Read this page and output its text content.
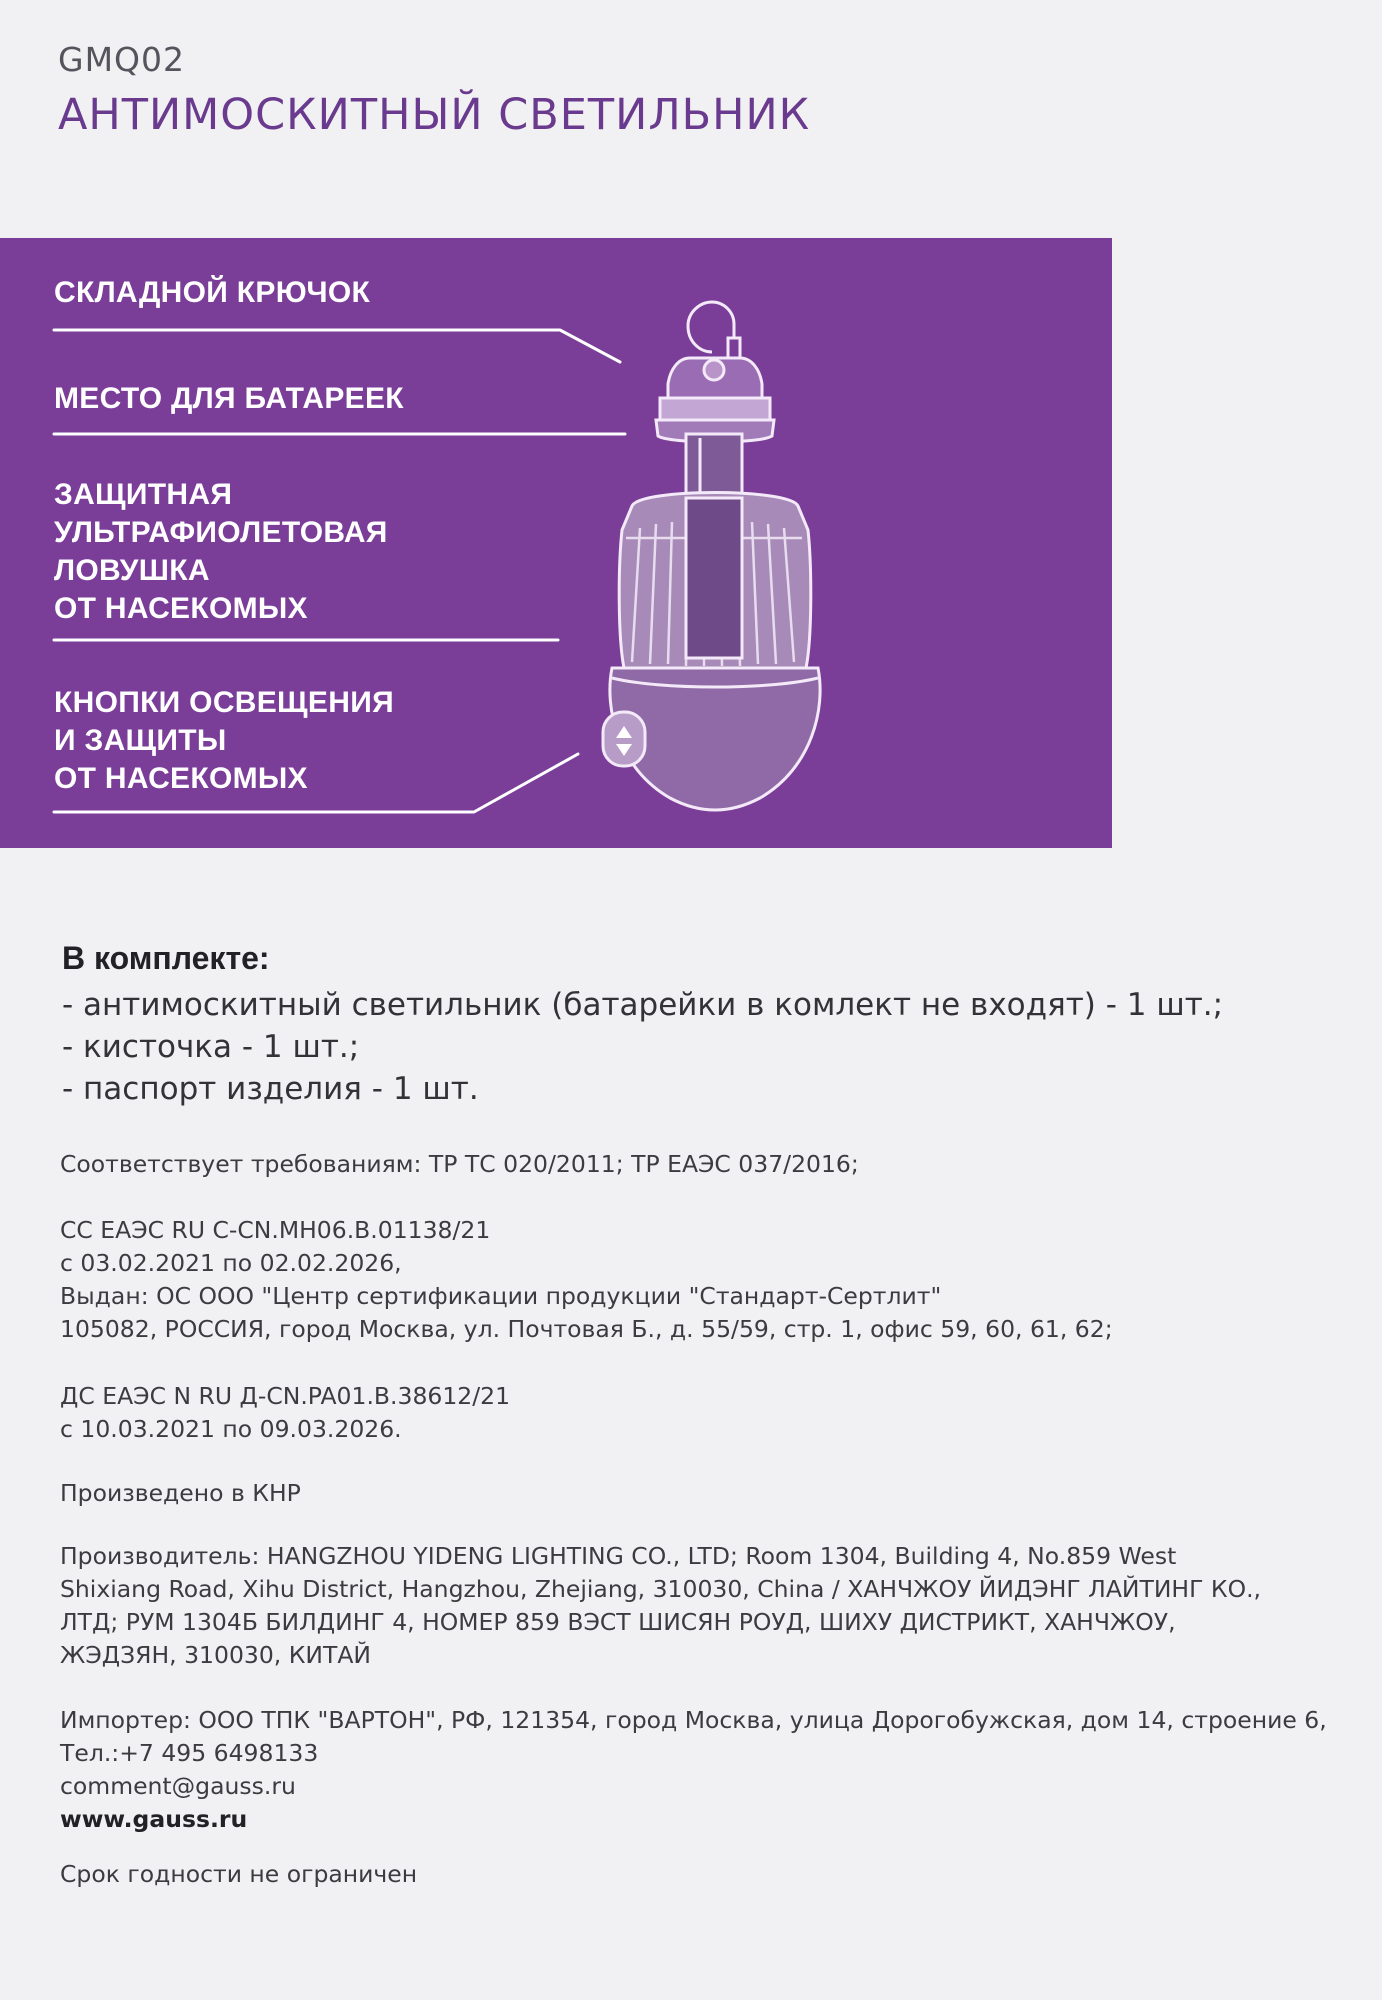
GMQ02
АНТИМОСКИТНЫЙ СВЕТИЛЬНИК
СКЛАДНОЙ КРЮЧОК
МЕСТО ДЛЯ БАТАРЕЕК
ЗАЩИТНАЯ
УЛЬТРАФИОЛЕТОВАЯ
ЛОВУШКА
ОТ НАСЕКОМЫХ
КНОПКИ ОСВЕЩЕНИЯ
И ЗАЩИТЫ
ОТ НАСЕКОМЫХ
В комплекте:
- антимоскитный светильник (батарейки в комлект не входят) - 1 шт.;
- кисточка - 1 шт.;
- паспорт изделия - 1 шт.
Соответствует требованиям: ТР ТС 020/2011; ТР ЕАЭС 037/2016;
СС ЕАЭС RU C-CN.МН06.В.01138/21
с 03.02.2021 по 02.02.2026,
Выдан: ОС ООО "Центр сертификации продукции "Стандарт-Сертлит"
105082, РОССИЯ, город Москва, ул. Почтовая Б., д. 55/59, стр. 1, офис 59, 60, 61, 62;
ДС ЕАЭС N RU Д-CN.PA01.B.38612/21
с 10.03.2021 по 09.03.2026.
Произведено в КНР
Производитель: HANGZHOU YIDENG LIGHTING CO., LTD; Room 1304, Building 4, No.859 West
Shixiang Road, Xihu District, Hangzhou, Zhejiang, 310030, China / ХАНЧЖОУ ЙИДЭНГ ЛАЙТИНГ КО.,
ЛТД; РУМ 1304Б БИЛДИНГ 4, НОМЕР 859 ВЭСТ ШИСЯН РОУД, ШИХУ ДИСТРИКТ, ХАНЧЖОУ,
ЖЭДЗЯН, 310030, КИТАЙ
Импортер: ООО ТПК "ВАРТОН", РФ, 121354, город Москва, улица Дорогобужская, дом 14, строение 6,
Тел.:+7 495 6498133
comment@gauss.ru
www.gauss.ru
Срок годности не ограничен
